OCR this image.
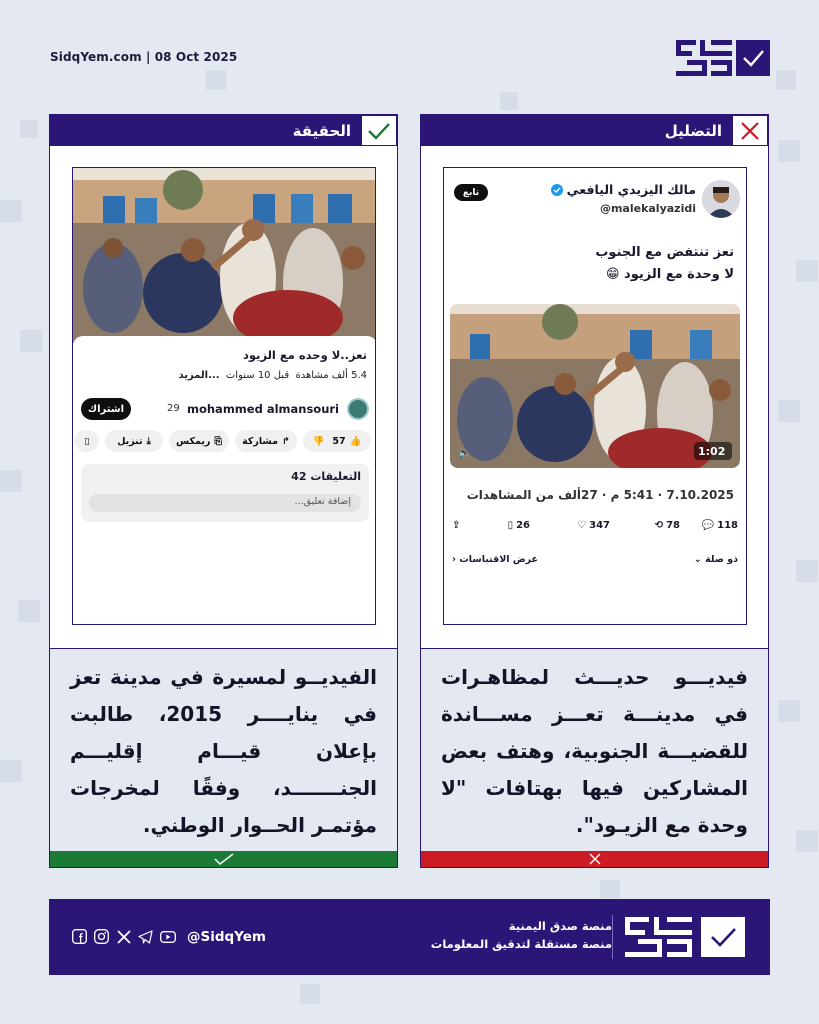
SidqYem.com | 08 Oct 2025
الحقيقة
تعز..لا وحده مع الزيود
5.4 ألف مشاهدة  قبل 10 سنوات  ...المزيد
mohammed almansouri
29
اشتراك
👍
57
👎
↱
مشاركة
⎘
ريمكس
⤓
تنزيل
▯
التعليقات 42
إضافة تعليق...

الفيديــو لمسيرة في مدينة تعز في ينايــــر 2015، طالبت بإعلان قيـــام إقليـــم الجنـــــــد، وفقًا لمخرجات مؤتمـر الحــوار الوطني.

التضليل
مالك اليزيدي اليافعي
@malekalyazidi
تابع
تعز تنتفض مع الجنوب
لا وحدة مع الزيود 😁
🔈	1:02
7.10.2025 · 5:41 م · 27ألف من المشاهدات
💬 118
⟲ 78
♡ 347
▯ 26
⇪
ذو صلة ⌄
عرض الاقتباسات ‹

فيديـــو حديـــث لمظاهـرات في مدينـــة تعـــز مســـاندة للقضيـــة الجنوبية، وهتف بعض المشاركين فيها بهتافات "لا وحدة مع الزيـود".

@SidqYem
منصة صدق اليمنية
منصة مستقلة لتدقيق المعلومات
